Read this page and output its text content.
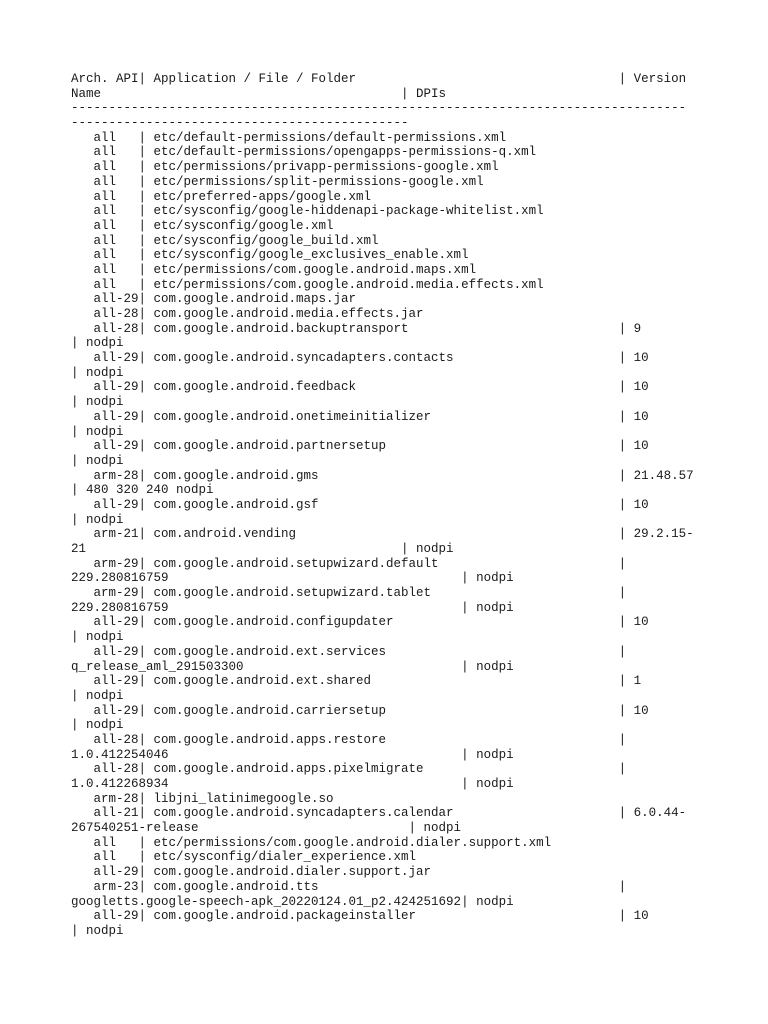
Arch. API| Application / File / Folder                                   | Version
Name                                        | DPIs
----------------------------------------------------------------------------------
---------------------------------------------
all   | etc/default-permissions/default-permissions.xml
all   | etc/default-permissions/opengapps-permissions-q.xml
all   | etc/permissions/privapp-permissions-google.xml
all   | etc/permissions/split-permissions-google.xml
all   | etc/preferred-apps/google.xml
all   | etc/sysconfig/google-hiddenapi-package-whitelist.xml
all   | etc/sysconfig/google.xml
all   | etc/sysconfig/google_build.xml
all   | etc/sysconfig/google_exclusives_enable.xml
all   | etc/permissions/com.google.android.maps.xml
all   | etc/permissions/com.google.android.media.effects.xml
all-29| com.google.android.maps.jar
all-28| com.google.android.media.effects.jar
all-28| com.google.android.backuptransport                            | 9
| nodpi
all-29| com.google.android.syncadapters.contacts                      | 10
| nodpi
all-29| com.google.android.feedback                                   | 10
| nodpi
all-29| com.google.android.onetimeinitializer                         | 10
| nodpi
all-29| com.google.android.partnersetup                               | 10
| nodpi
arm-28| com.google.android.gms                                        | 21.48.57
| 480 320 240 nodpi
all-29| com.google.android.gsf                                        | 10
| nodpi
arm-21| com.android.vending                                           | 29.2.15-
21                                          | nodpi
arm-29| com.google.android.setupwizard.default                        |
229.280816759                                       | nodpi
arm-29| com.google.android.setupwizard.tablet                         |
229.280816759                                       | nodpi
all-29| com.google.android.configupdater                              | 10
| nodpi
all-29| com.google.android.ext.services                               |
q_release_aml_291503300                             | nodpi
all-29| com.google.android.ext.shared                                 | 1
| nodpi
all-29| com.google.android.carriersetup                               | 10
| nodpi
all-28| com.google.android.apps.restore                               |
1.0.412254046                                       | nodpi
all-28| com.google.android.apps.pixelmigrate                          |
1.0.412268934                                       | nodpi
arm-28| libjni_latinimegoogle.so
all-21| com.google.android.syncadapters.calendar                      | 6.0.44-
267540251-release                            | nodpi
all   | etc/permissions/com.google.android.dialer.support.xml
all   | etc/sysconfig/dialer_experience.xml
all-29| com.google.android.dialer.support.jar
arm-23| com.google.android.tts                                        |
googletts.google-speech-apk_20220124.01_p2.424251692| nodpi
all-29| com.google.android.packageinstaller                           | 10
| nodpi
